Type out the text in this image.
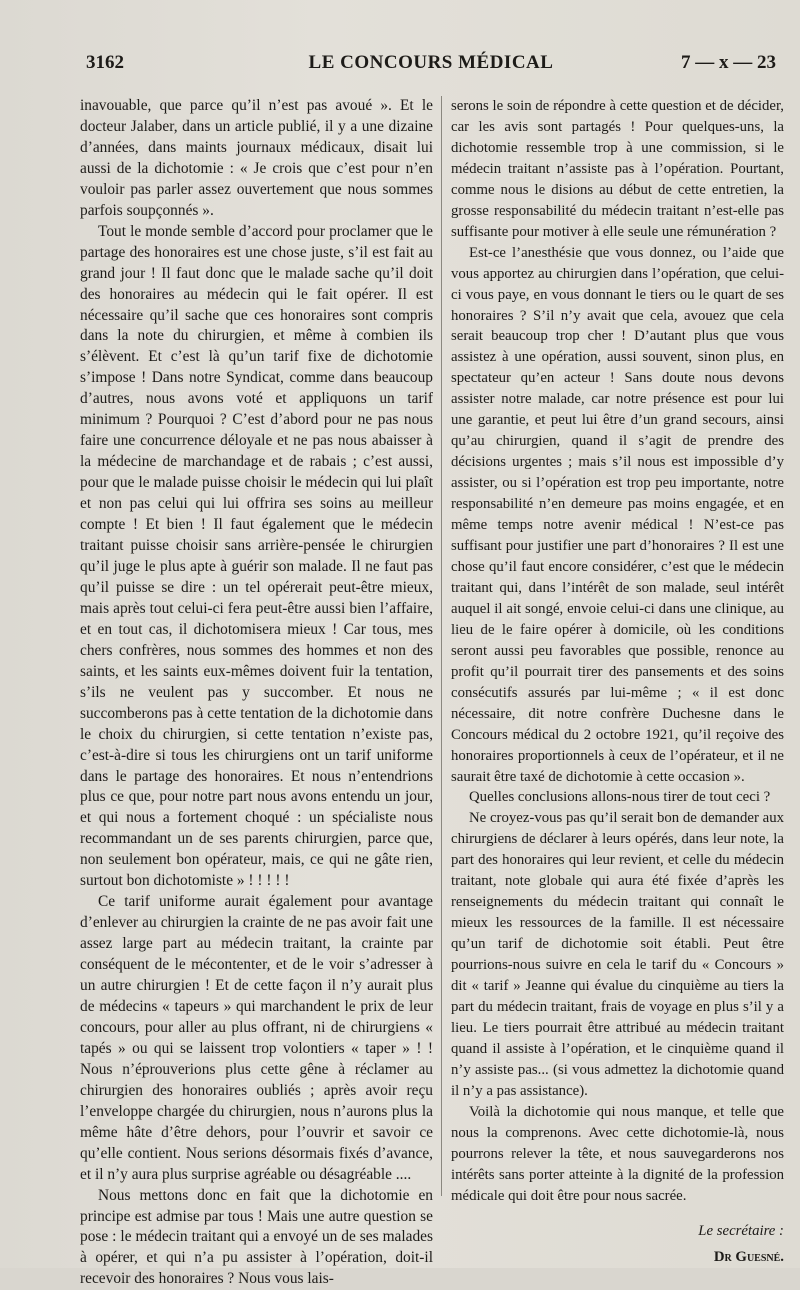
3162	LE CONCOURS MÉDICAL	7 — x — 23

inavouable, que parce qu’il n’est pas avoué ». Et le docteur Jalaber, dans un article publié, il y a une dizaine d’années, dans maints journaux médicaux, disait lui aussi de la dichotomie : « Je crois que c’est pour n’en vouloir pas parler assez ouvertement que nous sommes parfois soupçonnés ».

Tout le monde semble d’accord pour proclamer que le partage des honoraires est une chose juste, s’il est fait au grand jour ! Il faut donc que le malade sache qu’il doit des honoraires au médecin qui le fait opérer. Il est nécessaire qu’il sache que ces honoraires sont compris dans la note du chirurgien, et même à combien ils s’élèvent. Et c’est là qu’un tarif fixe de dichotomie s’impose ! Dans notre Syndicat, comme dans beaucoup d’autres, nous avons voté et appliquons un tarif minimum ? Pourquoi ? C’est d’abord pour ne pas nous faire une concurrence déloyale et ne pas nous abaisser à la médecine de marchandage et de rabais ; c’est aussi, pour que le malade puisse choisir le médecin qui lui plaît et non pas celui qui lui offrira ses soins au meilleur compte ! Et bien ! Il faut également que le médecin traitant puisse choisir sans arrière-pensée le chirurgien qu’il juge le plus apte à guérir son malade. Il ne faut pas qu’il puisse se dire : un tel opérerait peut-être mieux, mais après tout celui-ci fera peut-être aussi bien l’affaire, et en tout cas, il dichotomisera mieux ! Car tous, mes chers confrères, nous sommes des hommes et non des saints, et les saints eux-mêmes doivent fuir la tentation, s’ils ne veulent pas y succomber. Et nous ne succomberons pas à cette tentation de la dichotomie dans le choix du chirurgien, si cette tentation n’existe pas, c’est-à-dire si tous les chirurgiens ont un tarif uniforme dans le partage des honoraires. Et nous n’entendrions plus ce que, pour notre part nous avons entendu un jour, et qui nous a fortement choqué : un spécialiste nous recommandant un de ses parents chirurgien, parce que, non seulement bon opérateur, mais, ce qui ne gâte rien, surtout bon dichotomiste » ! ! ! ! !

Ce tarif uniforme aurait également pour avantage d’enlever au chirurgien la crainte de ne pas avoir fait une assez large part au médecin traitant, la crainte par conséquent de le mécontenter, et de le voir s’adresser à un autre chirurgien ! Et de cette façon il n’y aurait plus de médecins « tapeurs » qui marchandent le prix de leur concours, pour aller au plus offrant, ni de chirurgiens « tapés » ou qui se laissent trop volontiers « taper » ! ! Nous n’éprouverions plus cette gêne à réclamer au chirurgien des honoraires oubliés ; après avoir reçu l’enveloppe chargée du chirurgien, nous n’aurons plus la même hâte d’être dehors, pour l’ouvrir et savoir ce qu’elle contient. Nous serions désormais fixés d’avance, et il n’y aura plus surprise agréable ou désagréable ....

Nous mettons donc en fait que la dichotomie en principe est admise par tous ! Mais une autre question se pose : le médecin traitant qui a envoyé un de ses malades à opérer, et qui n’a pu assister à l’opération, doit-il recevoir des honoraires ? Nous vous lais-

serons le soin de répondre à cette question et de décider, car les avis sont partagés ! Pour quelques-uns, la dichotomie ressemble trop à une commission, si le médecin traitant n’assiste pas à l’opération. Pourtant, comme nous le disions au début de cette entretien, la grosse responsabilité du médecin traitant n’est-elle pas suffisante pour motiver à elle seule une rémunération ?

Est-ce l’anesthésie que vous donnez, ou l’aide que vous apportez au chirurgien dans l’opération, que celui-ci vous paye, en vous donnant le tiers ou le quart de ses honoraires ? S’il n’y avait que cela, avouez que cela serait beaucoup trop cher ! D’autant plus que vous assistez à une opération, aussi souvent, sinon plus, en spectateur qu’en acteur ! Sans doute nous devons assister notre malade, car notre présence est pour lui une garantie, et peut lui être d’un grand secours, ainsi qu’au chirurgien, quand il s’agit de prendre des décisions urgentes ; mais s’il nous est impossible d’y assister, ou si l’opération est trop peu importante, notre responsabilité n’en demeure pas moins engagée, et en même temps notre avenir médical ! N’est-ce pas suffisant pour justifier une part d’honoraires ? Il est une chose qu’il faut encore considérer, c’est que le médecin traitant qui, dans l’intérêt de son malade, seul intérêt auquel il ait songé, envoie celui-ci dans une clinique, au lieu de le faire opérer à domicile, où les conditions seront aussi peu favorables que possible, renonce au profit qu’il pourrait tirer des pansements et des soins consécutifs assurés par lui-même ; « il est donc nécessaire, dit notre confrère Duchesne dans le Concours médical du 2 octobre 1921, qu’il reçoive des honoraires proportionnels à ceux de l’opérateur, et il ne saurait être taxé de dichotomie à cette occasion ».

Quelles conclusions allons-nous tirer de tout ceci ?

Ne croyez-vous pas qu’il serait bon de demander aux chirurgiens de déclarer à leurs opérés, dans leur note, la part des honoraires qui leur revient, et celle du médecin traitant, note globale qui aura été fixée d’après les renseignements du médecin traitant qui connaît le mieux les ressources de la famille. Il est nécessaire qu’un tarif de dichotomie soit établi. Peut être pourrions-nous suivre en cela le tarif du « Concours » dit « tarif » Jeanne qui évalue du cinquième au tiers la part du médecin traitant, frais de voyage en plus s’il y a lieu. Le tiers pourrait être attribué au médecin traitant quand il assiste à l’opération, et le cinquième quand il n’y assiste pas... (si vous admettez la dichotomie quand il n’y a pas assistance).

Voilà la dichotomie qui nous manque, et telle que nous la comprenons. Avec cette dichotomie-là, nous pourrons relever la tête, et nous sauvegarderons nos intérêts sans porter atteinte à la dignité de la profession médicale qui doit être pour nous sacrée.

Le secrétaire :

Dr Guesné.
